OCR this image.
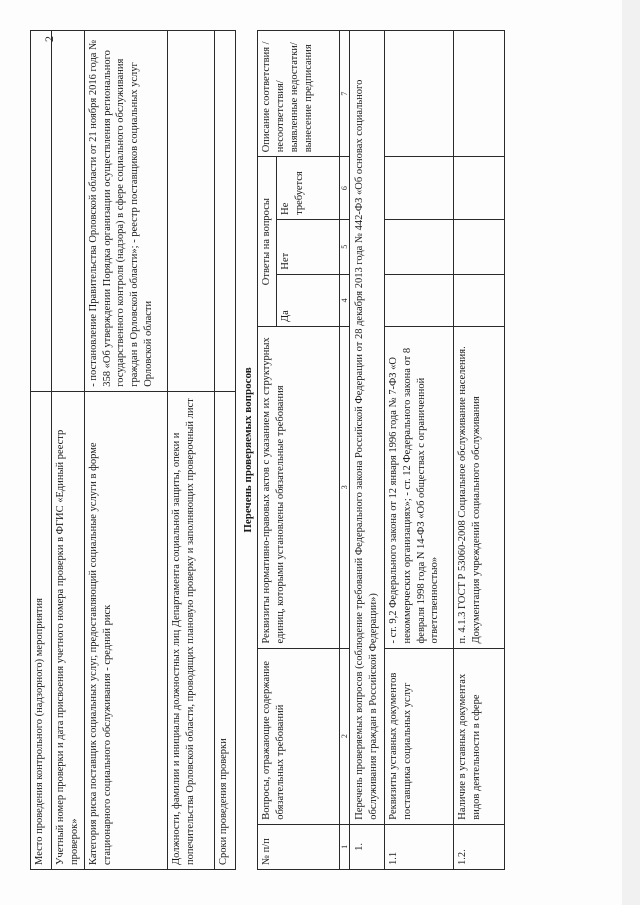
2
Место проведения контрольного (надзорного) мероприятия	
Учетный номер проверки и дата присвоения учетного номера проверки в ФГИС «Единый реестр проверок»	
Категория риска поставщик социальных услуг, предоставляющий социальные услуги в форме стационарного социального обслуживания - средний риск	- постановление Правительства Орловской области от 21 ноября 2016 года № 358 «Об утверждении Порядка организации осуществления регионального государственного контроля (надзора) в сфере социального обслуживания граждан в Орловской области»; - реестр поставщиков социальных услуг Орловской области
Должности, фамилии и инициалы должностных лиц Департамента социальной защиты, опеки и попечительства Орловской области, проводящих плановую проверку и заполняющих проверочный лист	
Сроки проведения проверки	
Перечень проверяемых вопросов
№ п/п	Вопросы, отражающие содержание обязательных требований	Реквизиты нормативно-правовых актов с указанием их структурных единиц, которыми установлены обязательные требования	Ответы на вопросы			Описание соответствия /несоответствия/ выявленные недостатки/ вынесение предписания
			Да	Нет	Не требуется	
1	2	3	4	5	6	7
1.	Перечень проверяемых вопросов (соблюдение требований Федерального закона Российской Федерации от 28 декабря 2013 года № 442-ФЗ «Об основах социального обслуживания граждан в Российской Федерации»)					
1.1	Реквизиты уставных документов поставщика социальных услуг	- ст. 9,2 Федерального закона от 12 января 1996 года № 7-ФЗ «О некоммерческих организациях»; - ст. 12 Федерального закона от 8 февраля 1998 года N 14-ФЗ «Об обществах с ограниченной ответственностью»				
1.2.	Наличие в уставных документах видов деятельности в сфере	п. 4.1.3 ГОСТ Р 53060-2008 Социальное обслуживание населения. Документация учреждений социального обслуживания				
